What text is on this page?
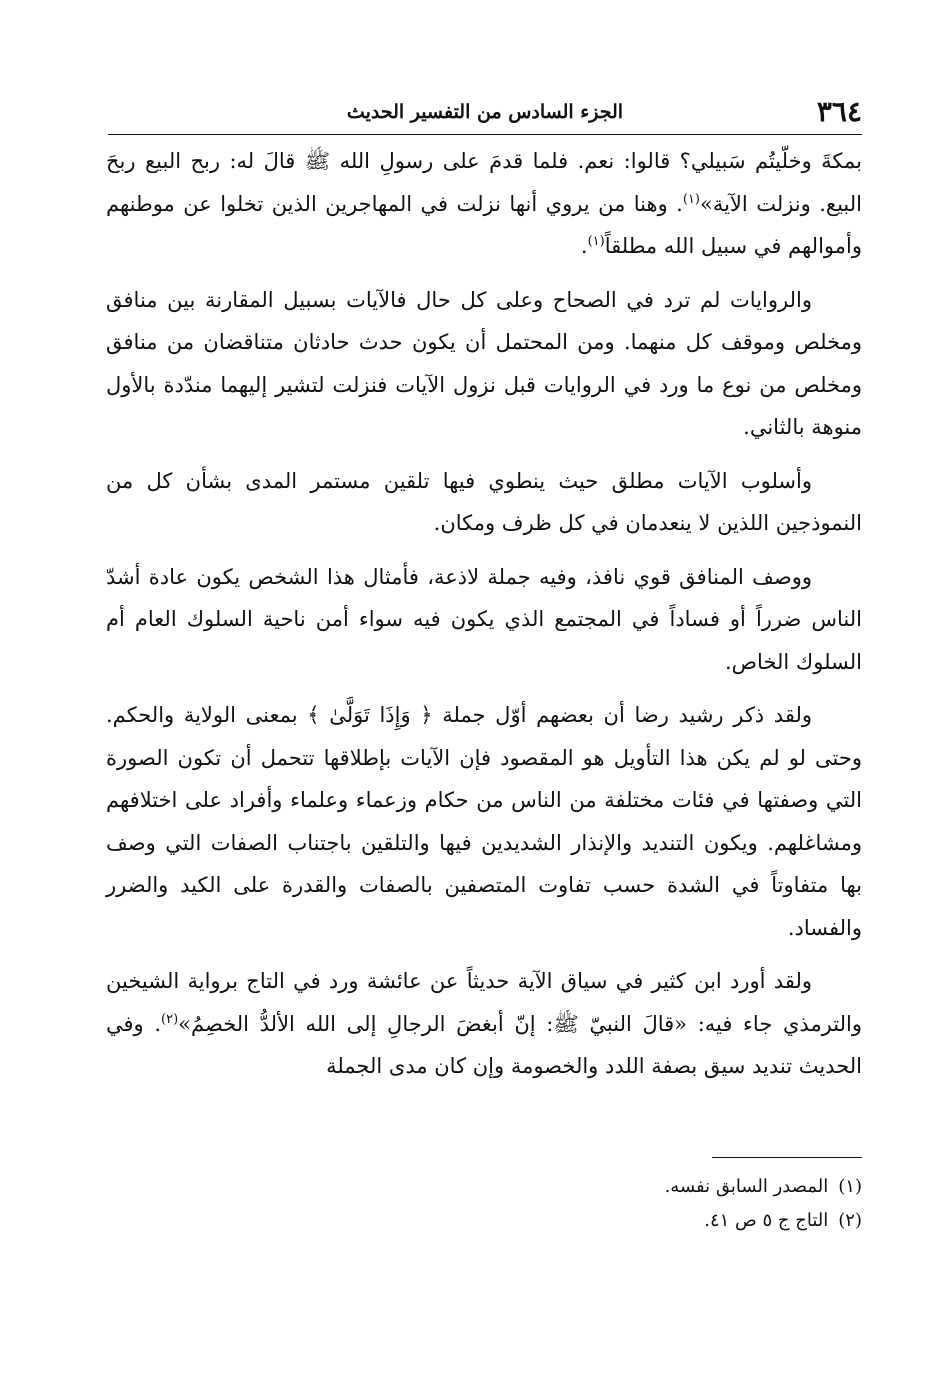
٣٦٤
الجزء السادس من التفسير الحديث

بمكةَ وخلّيتُم سَبيلي؟ قالوا: نعم. فلما قدمَ على رسولِ الله ﷺ قالَ له: ربح البيع ربحَ البيع. ونزلت الآية»$^{(١)}$. وهنا من يروي أنها نزلت في المهاجرين الذين تخلوا عن موطنهم وأموالهم في سبيل الله مطلقاً$^{(١)}$.

والروايات لم ترد في الصحاح وعلى كل حال فالآيات بسبيل المقارنة بين منافق ومخلص وموقف كل منهما. ومن المحتمل أن يكون حدث حادثان متناقضان من منافق ومخلص من نوع ما ورد في الروايات قبل نزول الآيات فنزلت لتشير إليهما مندّدة بالأول منوهة بالثاني.

وأسلوب الآيات مطلق حيث ينطوي فيها تلقين مستمر المدى بشأن كل من النموذجين اللذين لا ينعدمان في كل ظرف ومكان.

ووصف المنافق قوي نافذ، وفيه جملة لاذعة، فأمثال هذا الشخص يكون عادة أشدّ الناس ضرراً أو فساداً في المجتمع الذي يكون فيه سواء أمن ناحية السلوك العام أم السلوك الخاص.

ولقد ذكر رشيد رضا أن بعضهم أوّل جملة ﴿ وَإِذَا تَوَلَّىٰ ﴾ بمعنى الولاية والحكم. وحتى لو لم يكن هذا التأويل هو المقصود فإن الآيات بإطلاقها تتحمل أن تكون الصورة التي وصفتها في فئات مختلفة من الناس من حكام وزعماء وعلماء وأفراد على اختلافهم ومشاغلهم. ويكون التنديد والإنذار الشديدين فيها والتلقين باجتناب الصفات التي وصف بها متفاوتاً في الشدة حسب تفاوت المتصفين بالصفات والقدرة على الكيد والضرر والفساد.

ولقد أورد ابن كثير في سياق الآية حديثاً عن عائشة ورد في التاج برواية الشيخين والترمذي جاء فيه: «قالَ النبيّ ﷺ: إنّ أبغضَ الرجالِ إلى الله الألدُّ الخصِمُ»$^{(٢)}$. وفي الحديث تنديد سيق بصفة اللدد والخصومة وإن كان مدى الجملة

(١)المصدر السابق نفسه.
(٢)التاج ج ٥ ص ٤١.
